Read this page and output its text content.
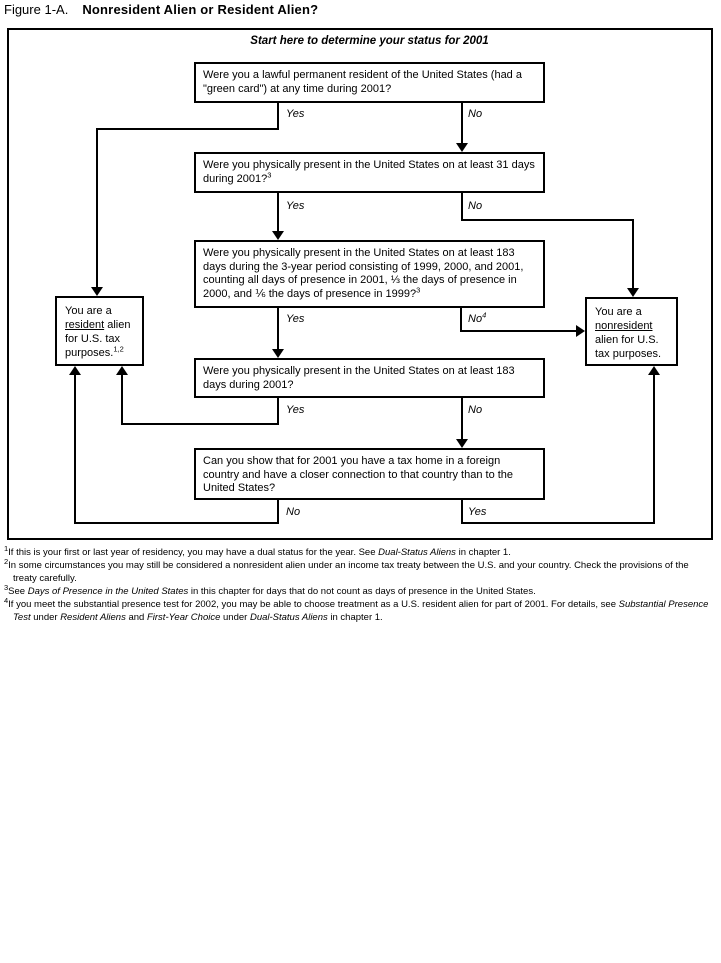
Figure 1-A. Nonresident Alien or Resident Alien?
Start here to determine your status for 2001
Were you a lawful permanent resident of the United States (had a "green card") at any time during 2001?
Were you physically present in the United States on at least 31 days during 2001?$^3$
Were you physically present in the United States on at least 183 days during the 3-year period consisting of 1999, 2000, and 2001, counting all days of presence in 2001, ⅓ the days of presence in 2000, and ⅙ the days of presence in 1999?$^3$
Were you physically present in the United States on at least 183 days during 2001?
Can you show that for 2001 you have a tax home in a foreign country and have a closer connection to that country than to the United States?
You are a resident alien for U.S. tax purposes.$^{1,2}$
You are a nonresident alien for U.S. tax purposes.
Yes	No
Yes	No
Yes	No$^4$
Yes	No
No	Yes
$^1$If this is your first or last year of residency, you may have a dual status for the year. See Dual-Status Aliens in chapter 1.
$^2$In some circumstances you may still be considered a nonresident alien under an income tax treaty between the U.S. and your country. Check the provisions of the treaty carefully.
$^3$See Days of Presence in the United States in this chapter for days that do not count as days of presence in the United States.
$^4$If you meet the substantial presence test for 2002, you may be able to choose treatment as a U.S. resident alien for part of 2001. For details, see Substantial Presence Test under Resident Aliens and First-Year Choice under Dual-Status Aliens in chapter 1.
